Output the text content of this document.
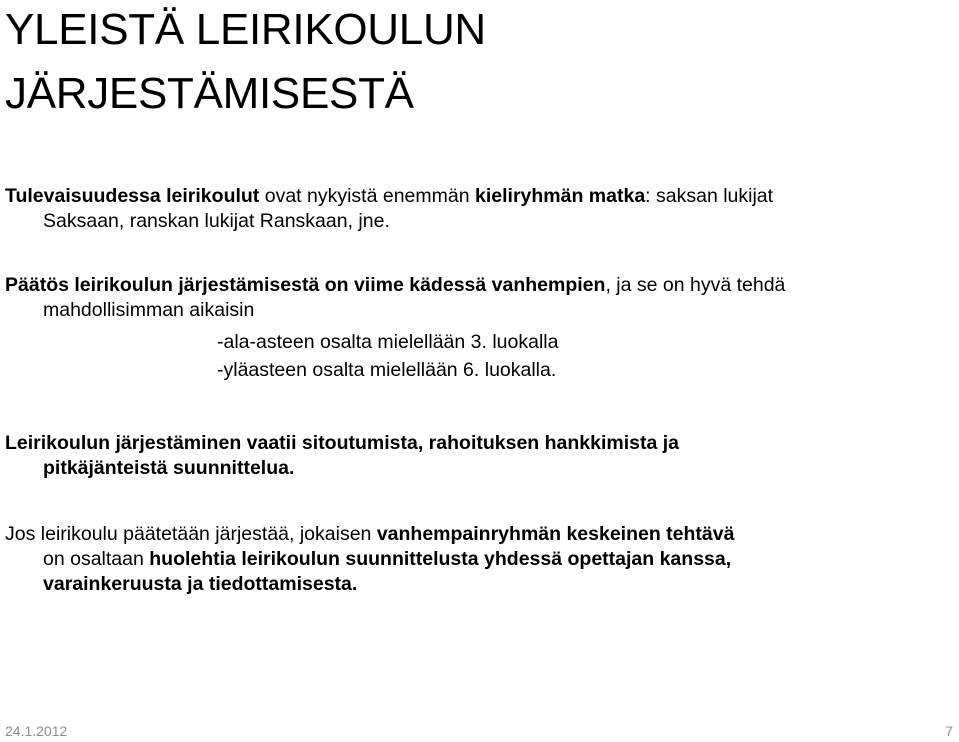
YLEISTÄ LEIRIKOULUN
JÄRJESTÄMISESTÄ
Tulevaisuudessa leirikoulut ovat nykyistä enemmän kieliryhmän matka: saksan lukijat
Saksaan, ranskan lukijat Ranskaan, jne.
Päätös leirikoulun järjestämisestä on viime kädessä vanhempien, ja se on hyvä tehdä
mahdollisimman aikaisin
-ala-asteen osalta mielellään 3. luokalla
-yläasteen osalta mielellään 6. luokalla.
Leirikoulun järjestäminen vaatii sitoutumista, rahoituksen hankkimista ja
pitkäjänteistä suunnittelua.
Jos leirikoulu päätetään järjestää, jokaisen vanhempainryhmän keskeinen tehtävä
on osaltaan huolehtia leirikoulun suunnittelusta yhdessä opettajan kanssa,
varainkeruusta ja tiedottamisesta.
24.1.2012	7
